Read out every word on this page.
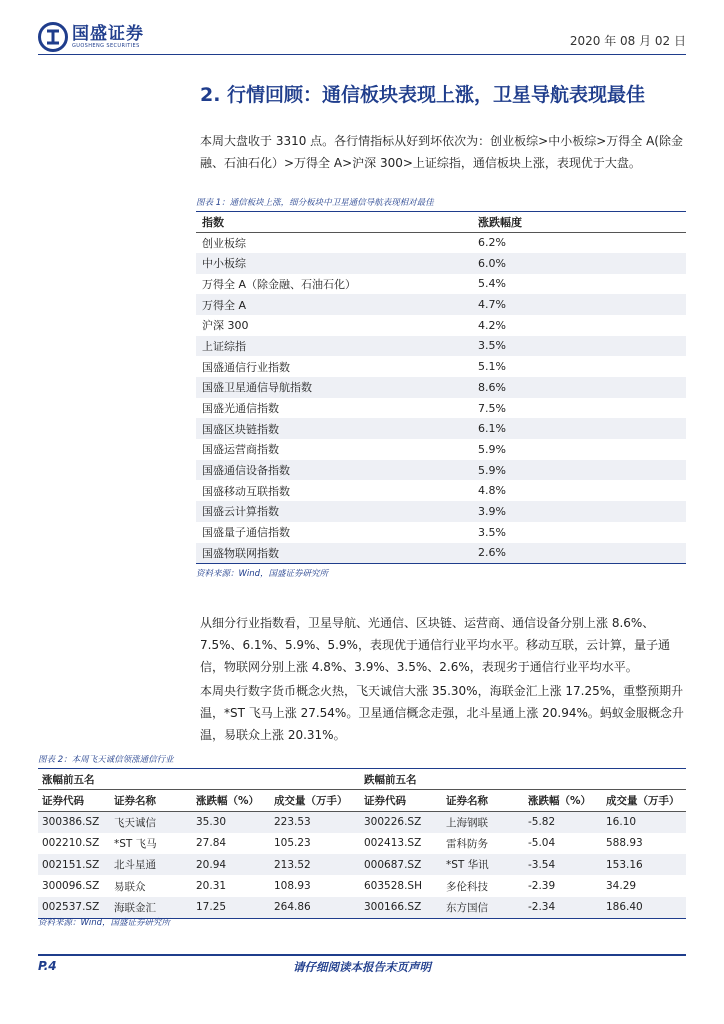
国盛证券
GUOSHENG SECURITIES	2020 年 08 月 02 日
2. 行情回顾：通信板块表现上涨，卫星导航表现最佳

本周大盘收于 3310 点。各行情指标从好到坏依次为：创业板综>中小板综>万得全 A(除金融、石油石化）>万得全 A>沪深 300>上证综指，通信板块上涨，表现优于大盘。

图表 1：通信板块上涨，细分板块中卫星通信导航表现相对最佳
指数	涨跌幅度
创业板综	6.2%
中小板综	6.0%
万得全 A（除金融、石油石化）	5.4%
万得全 A	4.7%
沪深 300	4.2%
上证综指	3.5%
国盛通信行业指数	5.1%
国盛卫星通信导航指数	8.6%
国盛光通信指数	7.5%
国盛区块链指数	6.1%
国盛运营商指数	5.9%
国盛通信设备指数	5.9%
国盛移动互联指数	4.8%
国盛云计算指数	3.9%
国盛量子通信指数	3.5%
国盛物联网指数	2.6%
资料来源：Wind，国盛证券研究所

从细分行业指数看，卫星导航、光通信、区块链、运营商、通信设备分别上涨 8.6%、7.5%、6.1%、5.9%、5.9%，表现优于通信行业平均水平。移动互联，云计算，量子通信，物联网分别上涨 4.8%、3.9%、3.5%、2.6%，表现劣于通信行业平均水平。

本周央行数字货币概念火热，飞天诚信大涨 35.30%，海联金汇上涨 17.25%，重整预期升温，*ST 飞马上涨 27.54%。卫星通信概念走强，北斗星通上涨 20.94%。蚂蚁金服概念升温，易联众上涨 20.31%。

图表 2：本周飞天诚信领涨通信行业
涨幅前五名				跌幅前五名			
证券代码	证券名称	涨跌幅（%）	成交量（万手）	证券代码	证券名称	涨跌幅（%）	成交量（万手）
300386.SZ	飞天诚信	35.30	223.53	300226.SZ	上海钢联	-5.82	16.10
002210.SZ	*ST 飞马	27.84	105.23	002413.SZ	雷科防务	-5.04	588.93
002151.SZ	北斗星通	20.94	213.52	000687.SZ	*ST 华讯	-3.54	153.16
300096.SZ	易联众	20.31	108.93	603528.SH	多伦科技	-2.39	34.29
002537.SZ	海联金汇	17.25	264.86	300166.SZ	东方国信	-2.34	186.40
资料来源：Wind，国盛证券研究所
P.4	请仔细阅读本报告末页声明
